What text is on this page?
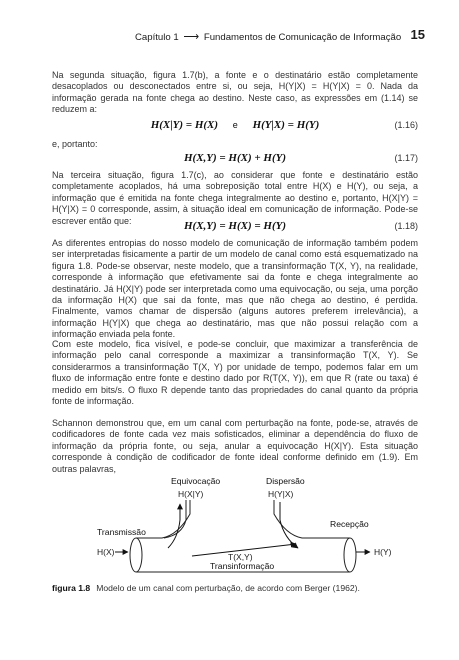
Capítulo 1 ⟶ Fundamentos de Comunicação de Informação 15

Na segunda situação, figura 1.7(b), a fonte e o destinatário estão completamente desacoplados ou desconectados entre si, ou seja, H(Y|X) = H(Y|X) = 0. Nada da informação gerada na fonte chega ao destino. Neste caso, as expressões em (1.14) se reduzem a:

H(X|Y) = H(X) e H(Y|X) = H(Y)	(1.16)

e, portanto:

H(X,Y) = H(X) + H(Y)	(1.17)

Na terceira situação, figura 1.7(c), ao considerar que fonte e destinatário estão completamente acoplados, há uma sobreposição total entre H(X) e H(Y), ou seja, a informação que é emitida na fonte chega integralmente ao destino e, portanto, H(X|Y) = H(Y|X) = 0 corresponde, assim, à situação ideal em comunicação de informação. Pode-se escrever então que:	H(X,Y) = H(X) = H(Y)	(1.18)

As diferentes entropias do nosso modelo de comunicação de informação também podem ser interpretadas fisicamente a partir de um modelo de canal como está esquematizado na figura 1.8. Pode-se observar, neste modelo, que a transinformação T(X, Y), na realidade, corresponde à informação que efetivamente sai da fonte e chega integralmente ao destinatário. Já H(X|Y) pode ser interpretada como uma equivocação, ou seja, uma porção da informação H(X) que sai da fonte, mas que não chega ao destino, é perdida. Finalmente, vamos chamar de dispersão (alguns autores preferem irrelevância), a informação H(Y|X) que chega ao destinatário, mas que não possui relação com a informação enviada pela fonte.

Com este modelo, fica visível, e pode-se concluir, que maximizar a transferência de informação pelo canal corresponde a maximizar a transinformação T(X, Y). Se considerarmos a transinformação T(X, Y) por unidade de tempo, podemos falar em um fluxo de informação entre fonte e destino dado por R(T(X, Y)), em que R (rate ou taxa) é medido em bits/s. O fluxo R depende tanto das propriedades do canal quanto da própria fonte de informação.

Schannon demonstrou que, em um canal com perturbação na fonte, pode-se, através de codificadores de fonte cada vez mais sofisticados, eliminar a dependência do fluxo de informação da própria fonte, ou seja, anular a equivocação H(X|Y). Esta situação corresponde à condição de codificador de fonte ideal conforme definido em (1.9). Em outras palavras,

Equivocação
H(X|Y)
Dispersão
H(Y|X)
Transmissão
H(X)
Recepção
H(Y)
T(X,Y)
Transinformação
figura 1.8 Modelo de um canal com perturbação, de acordo com Berger (1962).
